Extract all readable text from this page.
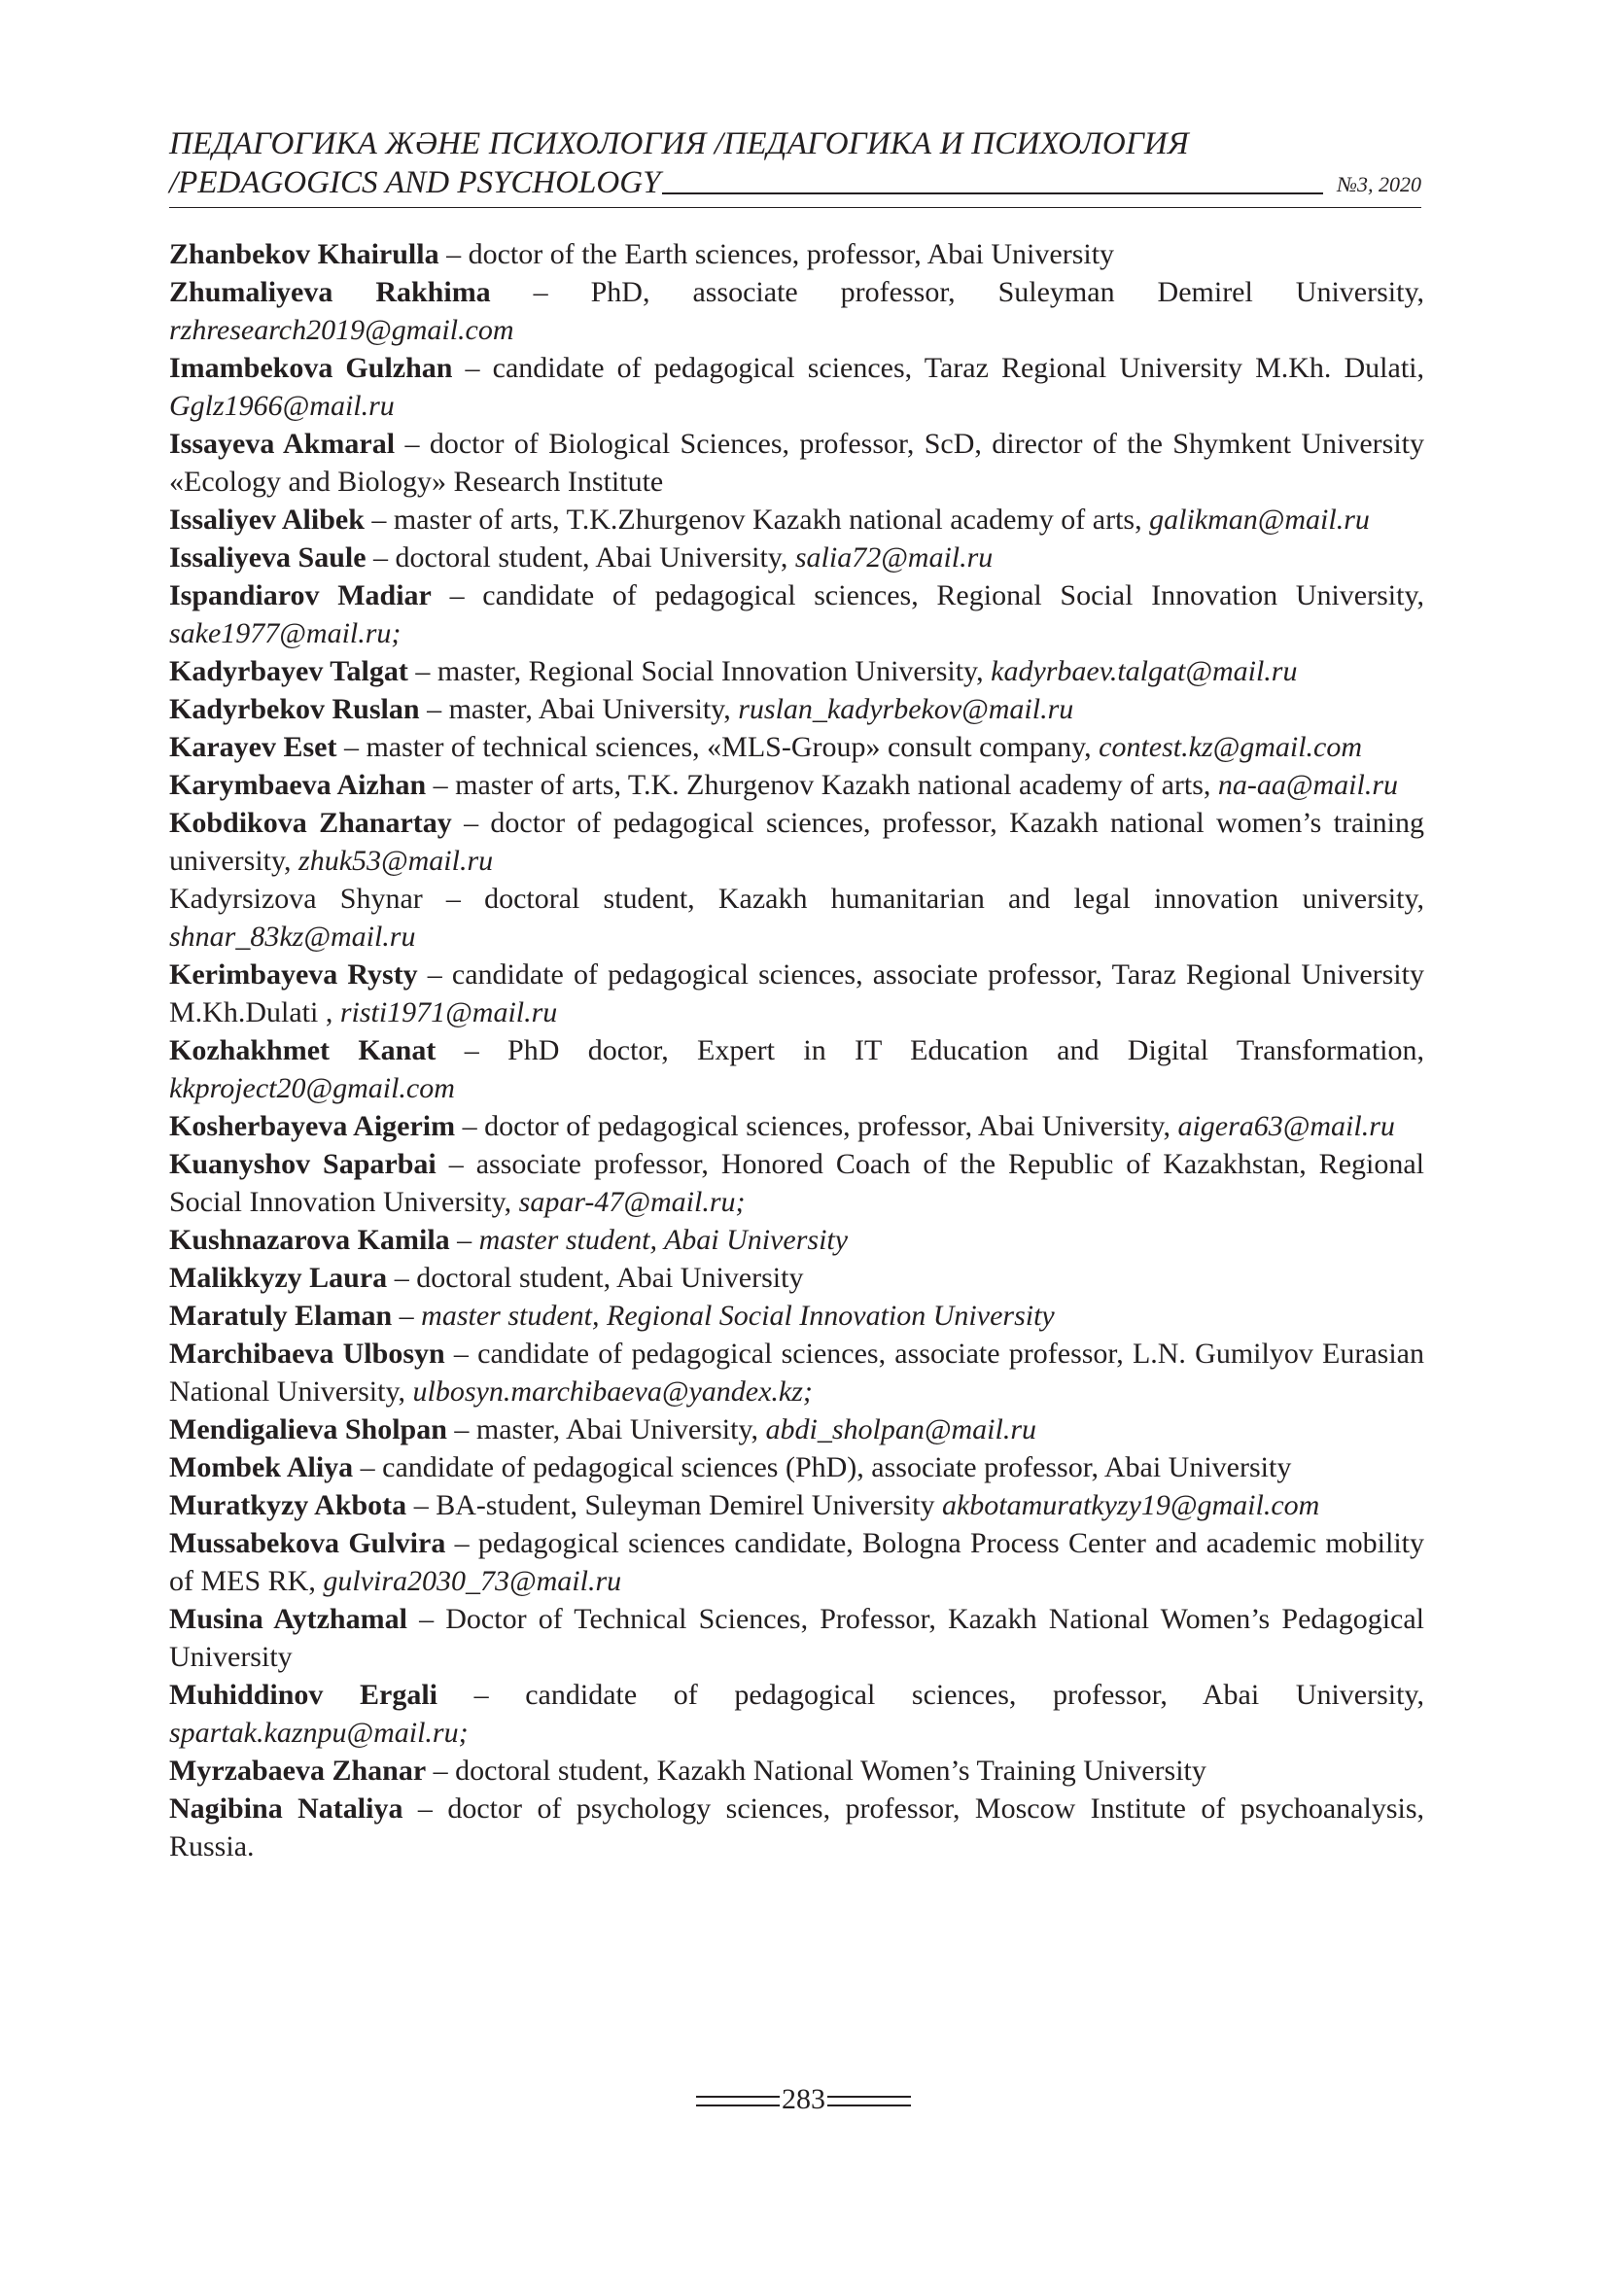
ПЕДАГОГИКА ЖӘНЕ ПСИХОЛОГИЯ /ПЕДАГОГИКА И ПСИХОЛОГИЯ
/PEDAGOGICS AND PSYCHOLOGY	№3, 2020

Zhanbekov Khairulla – doctor of the Earth sciences, professor, Abai University

Zhumaliyeva Rakhima – PhD, associate professor, Suleyman Demirel University, rzhresearch2019@gmail.com

Imambekova Gulzhan – candidate of pedagogical sciences, Taraz Regional University M.Kh. Dulati, Gglz1966@mail.ru

Issayeva Akmaral – doctor of Biological Sciences, professor, ScD, director of the Shymkent University «Ecology and Biology» Research Institute

Issaliyev Alibek – master of arts, T.K.Zhurgenov Kazakh national academy of arts, galikman@mail.ru

Issaliyeva Saule – doctoral student, Abai University, salia72@mail.ru

Ispandiarov Madiar – candidate of pedagogical sciences, Regional Social Innovation University, sake1977@mail.ru;

Kadyrbayev Talgat – master, Regional Social Innovation University, kadyrbaev.talgat@mail.ru

Kadyrbekov Ruslan – master, Abai University, ruslan_kadyrbekov@mail.ru

Karayev Eset – master of technical sciences, «MLS-Group» consult company, contest.kz@gmail.com

Karymbaeva Aizhan – master of arts, T.K. Zhurgenov Kazakh national academy of arts, na-aa@mail.ru

Kobdikova Zhanartay – doctor of pedagogical sciences, professor, Kazakh national women’s training university, zhuk53@mail.ru

Kadyrsizova Shynar – doctoral student, Kazakh humanitarian and legal innovation university, shnar_83kz@mail.ru

Kerimbayeva Rysty – candidate of pedagogical sciences, associate professor, Taraz Regional University M.Kh.Dulati , risti1971@mail.ru

Kozhakhmet Kanat – PhD doctor, Expert in IT Education and Digital Transformation, kkproject20@gmail.com

Kosherbayeva Aigerim – doctor of pedagogical sciences, professor, Abai University, aigera63@mail.ru

Kuanyshov Saparbai – associate professor, Honored Coach of the Republic of Kazakhstan, Regional Social Innovation University, sapar-47@mail.ru;

Kushnazarova Kamila – master student, Abai University

Malikkyzy Laura – doctoral student, Abai University

Maratuly Elaman – master student, Regional Social Innovation University

Marchibaeva Ulbosyn – candidate of pedagogical sciences, associate professor, L.N. Gumilyov Eurasian National University, ulbosyn.marchibaeva@yandex.kz;

Mendigalieva Sholpan – master, Abai University, abdi_sholpan@mail.ru

Mombek Aliya – candidate of pedagogical sciences (PhD), associate professor, Abai University

Muratkyzy Akbota – BA-student, Suleyman Demirel University akbotamuratkyzy19@gmail.com

Mussabekova Gulvira – pedagogical sciences candidate, Bologna Process Center and academic mobility of MES RK, gulvira2030_73@mail.ru

Musina Aytzhamal – Doctor of Technical Sciences, Professor, Kazakh National Women’s Pedagogical University

Muhiddinov Ergali – candidate of pedagogical sciences, professor, Abai University, spartak.kaznpu@mail.ru;

Myrzabaeva Zhanar – doctoral student, Kazakh National Women’s Training University

Nagibina Nataliya – doctor of psychology sciences, professor, Moscow Institute of psychoanalysis, Russia.

283
